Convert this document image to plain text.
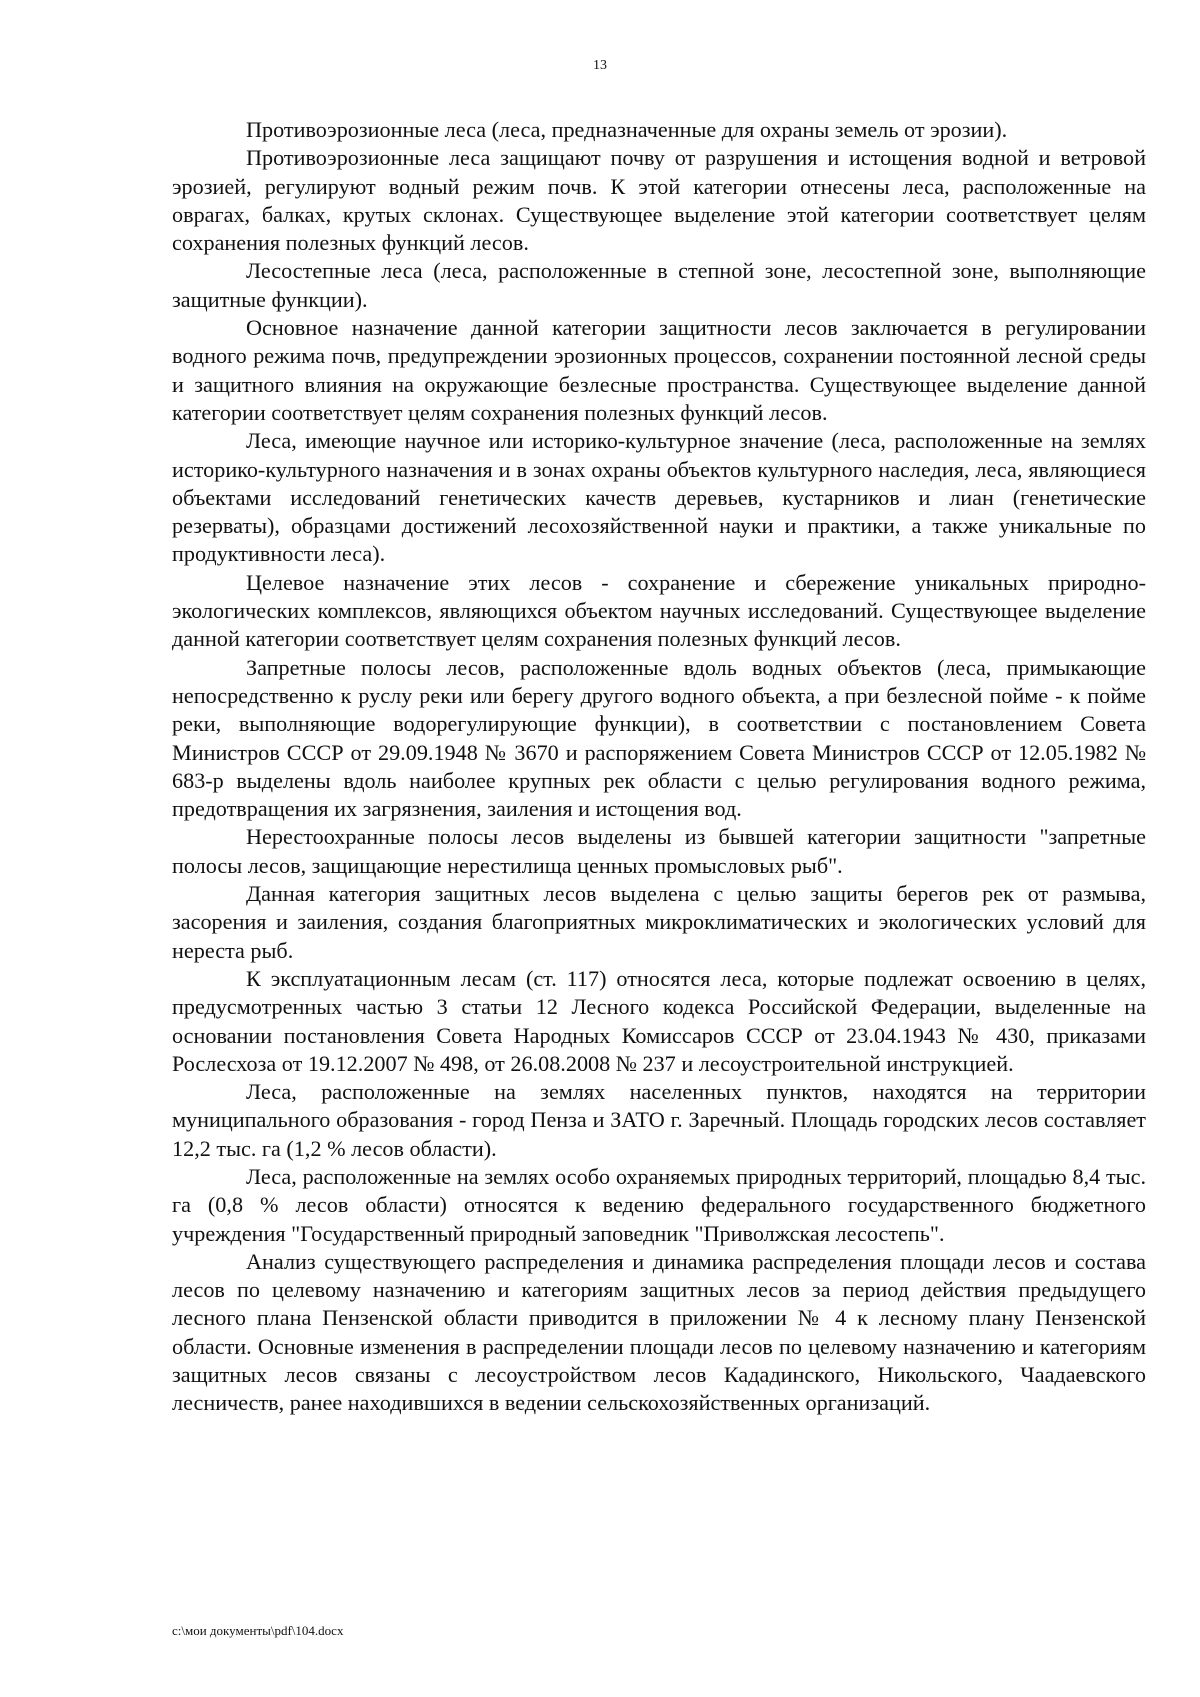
13

Противоэрозионные леса (леса, предназначенные для охраны земель от эрозии).

Противоэрозионные леса защищают почву от разрушения и истощения водной и ветровой эрозией, регулируют водный режим почв. К этой категории отнесены леса, расположенные на оврагах, балках, крутых склонах. Существующее выделение этой категории соответствует целям сохранения полезных функций лесов.

Лесостепные леса (леса, расположенные в степной зоне, лесостепной зоне, выполняющие защитные функции).

Основное назначение данной категории защитности лесов заключается в регулировании водного режима почв, предупреждении эрозионных процессов, сохранении постоянной лесной среды и защитного влияния на окружающие безлесные пространства. Существующее выделение данной категории соответствует целям сохранения полезных функций лесов.

Леса, имеющие научное или историко-культурное значение (леса, расположенные на землях историко-культурного назначения и в зонах охраны объектов культурного наследия, леса, являющиеся объектами исследований генетических качеств деревьев, кустарников и лиан (генетические резерваты), образцами достижений лесохозяйственной науки и практики, а также уникальные по продуктивности леса).

Целевое назначение этих лесов - сохранение и сбережение уникальных природно-экологических комплексов, являющихся объектом научных исследований. Существующее выделение данной категории соответствует целям сохранения полезных функций лесов.

Запретные полосы лесов, расположенные вдоль водных объектов (леса, примыкающие непосредственно к руслу реки или берегу другого водного объекта, а при безлесной пойме - к пойме реки, выполняющие водорегулирующие функции), в соответствии с постановлением Совета Министров СССР от 29.09.1948 № 3670 и распоряжением Совета Министров СССР от 12.05.1982 № 683-р выделены вдоль наиболее крупных рек области с целью регулирования водного режима, предотвращения их загрязнения, заиления и истощения вод.

Нерестоохранные полосы лесов выделены из бывшей категории защитности "запретные полосы лесов, защищающие нерестилища ценных промысловых рыб".

Данная категория защитных лесов выделена с целью защиты берегов рек от размыва, засорения и заиления, создания благоприятных микроклиматических и экологических условий для нереста рыб.

К эксплуатационным лесам (ст. 117) относятся леса, которые подлежат освоению в целях, предусмотренных частью 3 статьи 12 Лесного кодекса Российской Федерации, выделенные на основании постановления Совета Народных Комиссаров СССР от 23.04.1943 № 430, приказами Рослесхоза от 19.12.2007 № 498, от 26.08.2008 № 237 и лесоустроительной инструкцией.

Леса, расположенные на землях населенных пунктов, находятся на территории муниципального образования - город Пенза и ЗАТО г. Заречный. Площадь городских лесов составляет 12,2 тыс. га (1,2 % лесов области).

Леса, расположенные на землях особо охраняемых природных территорий, площадью 8,4 тыс. га (0,8 % лесов области) относятся к ведению федерального государственного бюджетного учреждения "Государственный природный заповедник "Приволжская лесостепь".

Анализ существующего распределения и динамика распределения площади лесов и состава лесов по целевому назначению и категориям защитных лесов за период действия предыдущего лесного плана Пензенской области приводится в приложении № 4 к лесному плану Пензенской области. Основные изменения в распределении площади лесов по целевому назначению и категориям защитных лесов связаны с лесоустройством лесов Кададинского, Никольского, Чаадаевского лесничеств, ранее находившихся в ведении сельскохозяйственных организаций.

c:\мои документы\pdf\104.docx
